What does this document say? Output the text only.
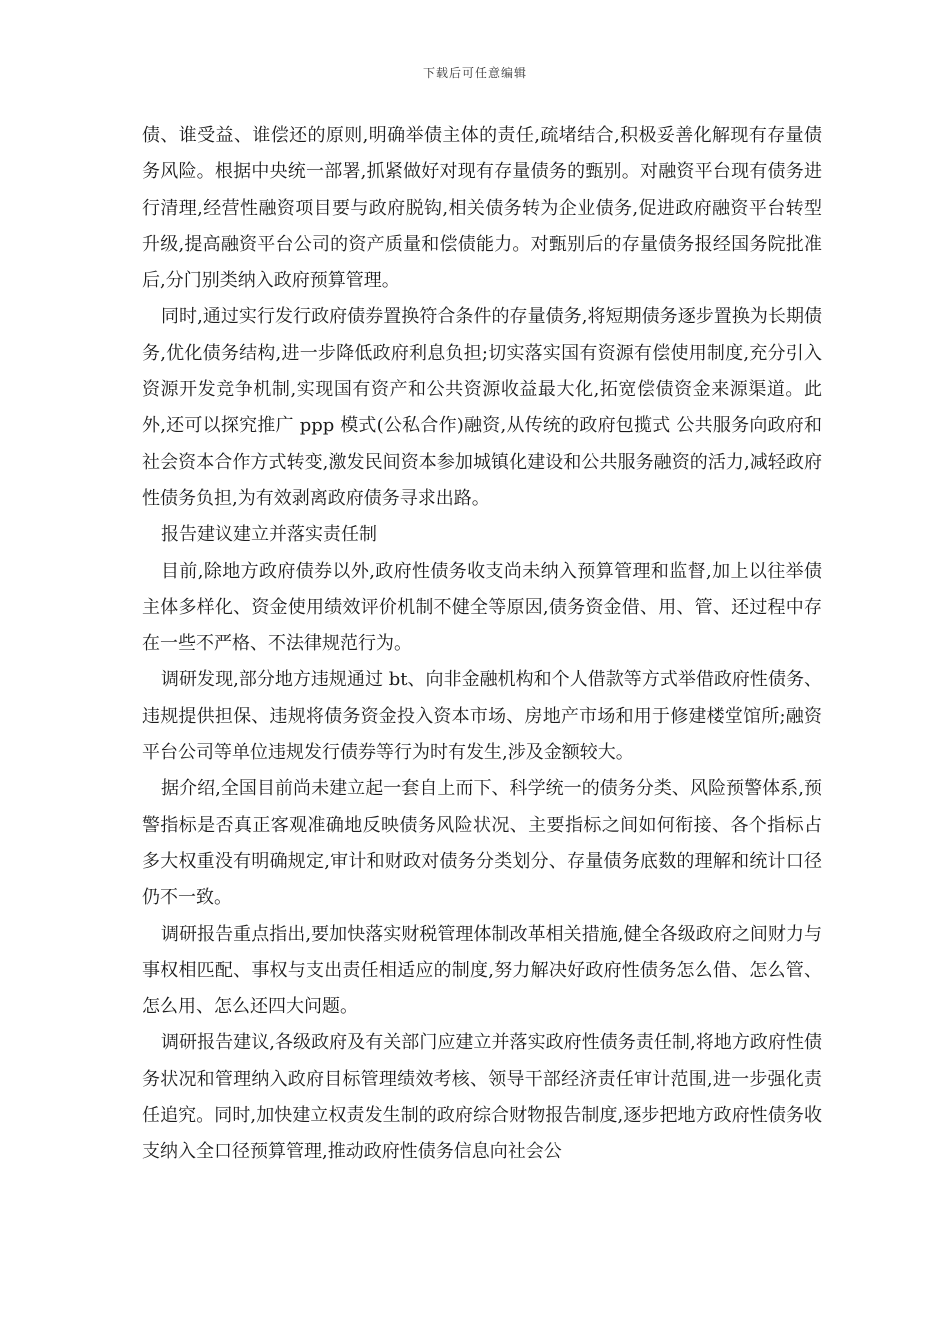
下载后可任意编辑

债、谁受益、谁偿还的原则,明确举债主体的责任,疏堵结合,积极妥善化解现有存量债务风险。根据中央统一部署,抓紧做好对现有存量债务的甄别。对融资平台现有债务进行清理,经营性融资项目要与政府脱钩,相关债务转为企业债务,促进政府融资平台转型升级,提高融资平台公司的资产质量和偿债能力。对甄别后的存量债务报经国务院批准后,分门别类纳入政府预算管理。

同时,通过实行发行政府债券置换符合条件的存量债务,将短期债务逐步置换为长期债务,优化债务结构,进一步降低政府利息负担;切实落实国有资源有偿使用制度,充分引入资源开发竞争机制,实现国有资产和公共资源收益最大化,拓宽偿债资金来源渠道。此外,还可以探究推广 ppp 模式(公私合作)融资,从传统的政府包揽式 公共服务向政府和社会资本合作方式转变,激发民间资本参加城镇化建设和公共服务融资的活力,减轻政府性债务负担,为有效剥离政府债务寻求出路。

报告建议建立并落实责任制

目前,除地方政府债券以外,政府性债务收支尚未纳入预算管理和监督,加上以往举债主体多样化、资金使用绩效评价机制不健全等原因,债务资金借、用、管、还过程中存在一些不严格、不法律规范行为。

调研发现,部分地方违规通过 bt、向非金融机构和个人借款等方式举借政府性债务、违规提供担保、违规将债务资金投入资本市场、房地产市场和用于修建楼堂馆所;融资平台公司等单位违规发行债券等行为时有发生,涉及金额较大。

据介绍,全国目前尚未建立起一套自上而下、科学统一的债务分类、风险预警体系,预警指标是否真正客观准确地反映债务风险状况、主要指标之间如何衔接、各个指标占多大权重没有明确规定,审计和财政对债务分类划分、存量债务底数的理解和统计口径仍不一致。

调研报告重点指出,要加快落实财税管理体制改革相关措施,健全各级政府之间财力与事权相匹配、事权与支出责任相适应的制度,努力解决好政府性债务怎么借、怎么管、怎么用、怎么还四大问题。

调研报告建议,各级政府及有关部门应建立并落实政府性债务责任制,将地方政府性债务状况和管理纳入政府目标管理绩效考核、领导干部经济责任审计范围,进一步强化责任追究。同时,加快建立权责发生制的政府综合财物报告制度,逐步把地方政府性债务收支纳入全口径预算管理,推动政府性债务信息向社会公
